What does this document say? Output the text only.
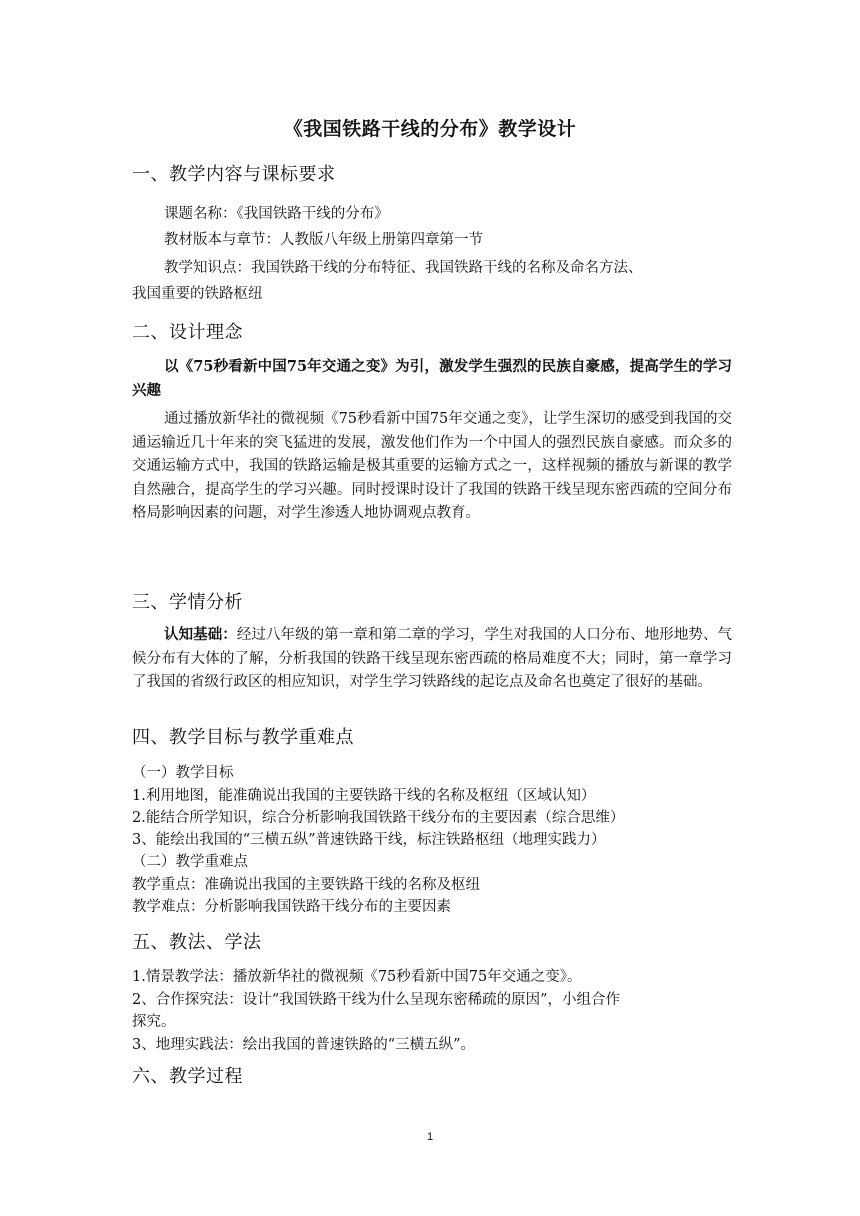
《我国铁路干线的分布》教学设计
一、教学内容与课标要求
课题名称：《我国铁路干线的分布》
教材版本与章节：人教版八年级上册第四章第一节
教学知识点：我国铁路干线的分布特征、我国铁路干线的名称及命名方法、
我国重要的铁路枢纽
二、设计理念
以《75秒看新中国75年交通之变》为引，激发学生强烈的民族自豪感，提高学生的学习兴趣
通过播放新华社的微视频《75秒看新中国75年交通之变》，让学生深切的感受到我国的交通运输近几十年来的突飞猛进的发展，激发他们作为一个中国人的强烈民族自豪感。而众多的交通运输方式中，我国的铁路运输是极其重要的运输方式之一，这样视频的播放与新课的教学自然融合，提高学生的学习兴趣。同时授课时设计了我国的铁路干线呈现东密西疏的空间分布格局影响因素的问题，对学生渗透人地协调观点教育。
三、学情分析
认知基础：经过八年级的第一章和第二章的学习，学生对我国的人口分布、地形地势、气候分布有大体的了解，分析我国的铁路干线呈现东密西疏的格局难度不大；同时，第一章学习了我国的省级行政区的相应知识，对学生学习铁路线的起讫点及命名也奠定了很好的基础。
四、教学目标与教学重难点
（一）教学目标
1.利用地图，能准确说出我国的主要铁路干线的名称及枢纽（区域认知）
2.能结合所学知识，综合分析影响我国铁路干线分布的主要因素（综合思维）
3、能绘出我国的“三横五纵”普速铁路干线，标注铁路枢纽（地理实践力）
（二）教学重难点
教学重点：准确说出我国的主要铁路干线的名称及枢纽
教学难点：分析影响我国铁路干线分布的主要因素
五、教法、学法
1.情景教学法：播放新华社的微视频《75秒看新中国75年交通之变》。
2、合作探究法：设计“我国铁路干线为什么呈现东密稀疏的原因”，小组合作
探究。
3、地理实践法：绘出我国的普速铁路的“三横五纵”。
六、教学过程
1
